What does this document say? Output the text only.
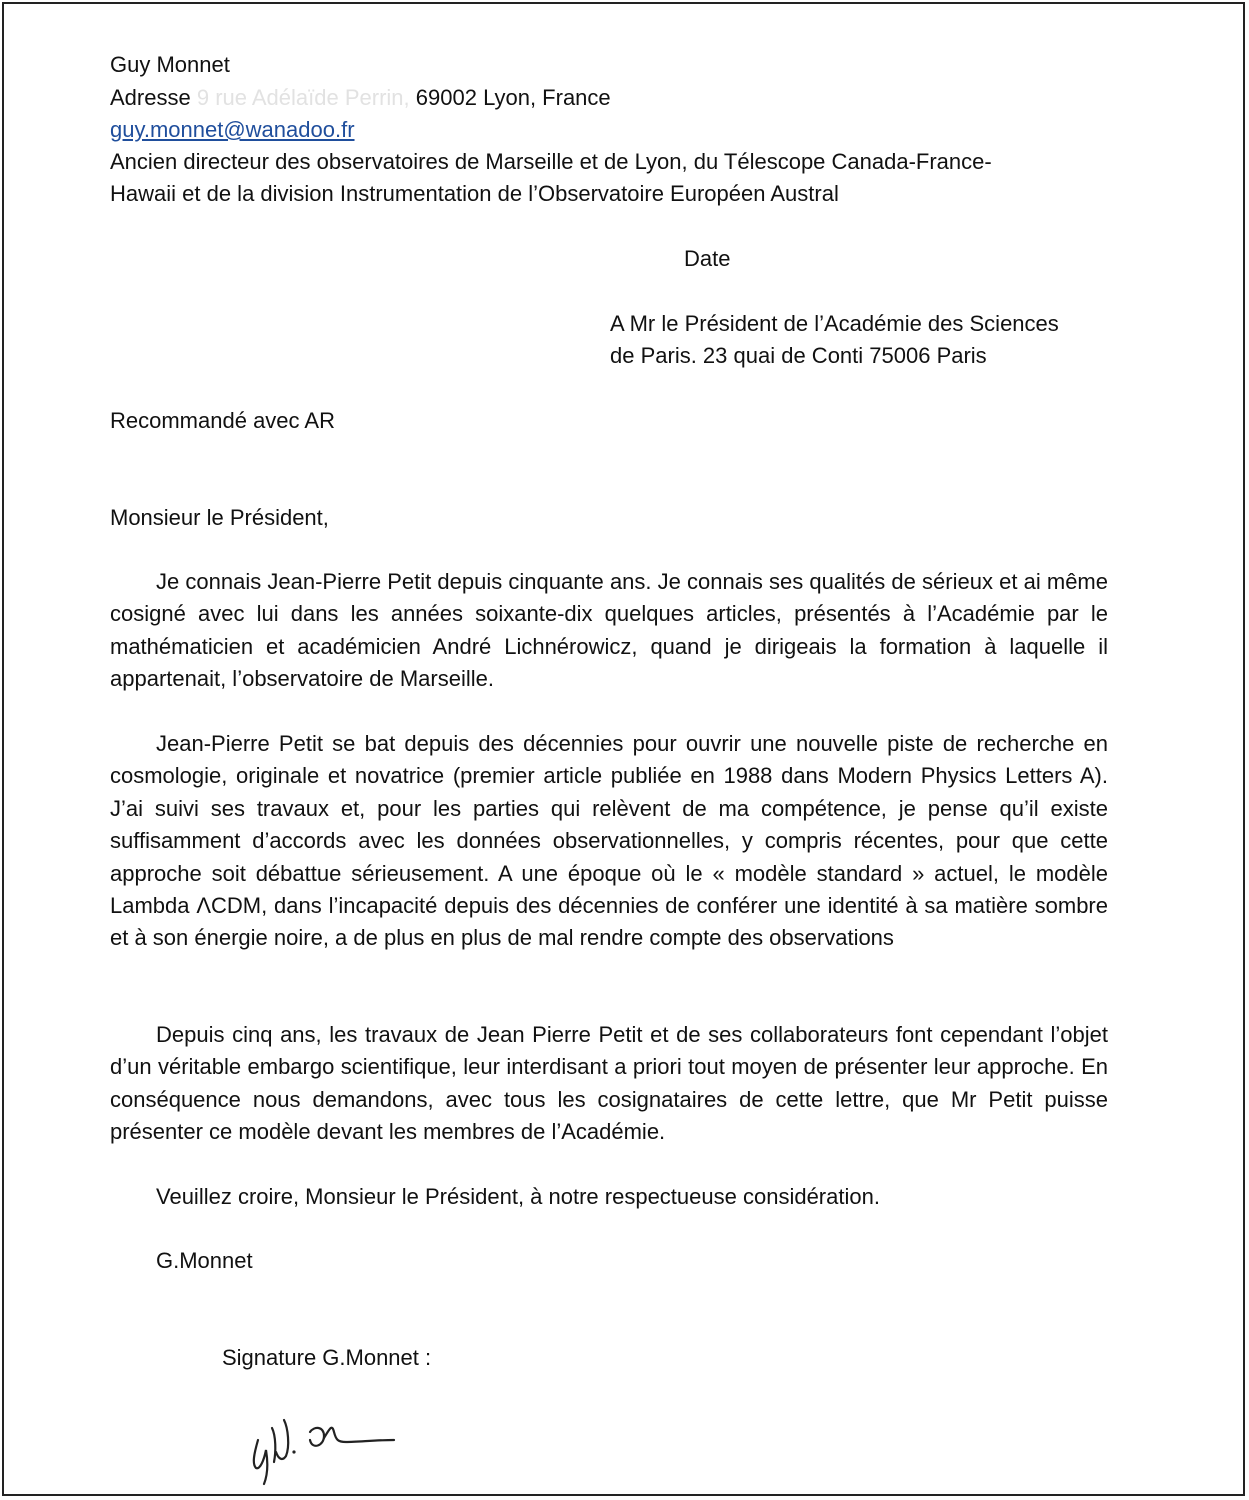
Guy Monnet

Adresse 9 rue Adélaïde Perrin, 69002 Lyon, France

guy.monnet@wanadoo.fr

Ancien directeur des observatoires de Marseille et de Lyon, du Télescope Canada-France-

Hawaii et de la division Instrumentation de l’Observatoire Européen Austral

Date

A Mr le Président de l’Académie des Sciences

de Paris. 23 quai de Conti 75006 Paris

Recommandé avec AR

Monsieur le Président,

Je connais Jean-Pierre Petit depuis cinquante ans. Je connais ses qualités de sérieux et ai même cosigné avec lui dans les années soixante-dix quelques articles, présentés à l’Académie par le mathématicien et académicien André Lichnérowicz, quand je dirigeais la formation à laquelle il appartenait, l’observatoire de Marseille.

Jean-Pierre Petit se bat depuis des décennies pour ouvrir une nouvelle piste de recherche en cosmologie, originale et novatrice (premier article publiée en 1988 dans Modern Physics Letters A). J’ai suivi ses travaux et, pour les parties qui relèvent de ma compétence, je pense qu’il existe suffisamment d’accords avec les données observationnelles, y compris récentes, pour que cette approche soit débattue sérieusement. A une époque où le « modèle standard » actuel, le modèle Lambda ΛCDM, dans l’incapacité depuis des décennies de conférer une identité à sa matière sombre et à son énergie noire, a de plus en plus de mal rendre compte des observations

Depuis cinq ans, les travaux de Jean Pierre Petit et de ses collaborateurs font cependant l’objet d’un véritable embargo scientifique, leur interdisant a priori tout moyen de présenter leur approche. En conséquence nous demandons, avec tous les cosignataires de cette lettre, que Mr Petit puisse présenter ce modèle devant les membres de l’Académie.

Veuillez croire, Monsieur le Président, à notre respectueuse considération.

G.Monnet

Signature G.Monnet :
